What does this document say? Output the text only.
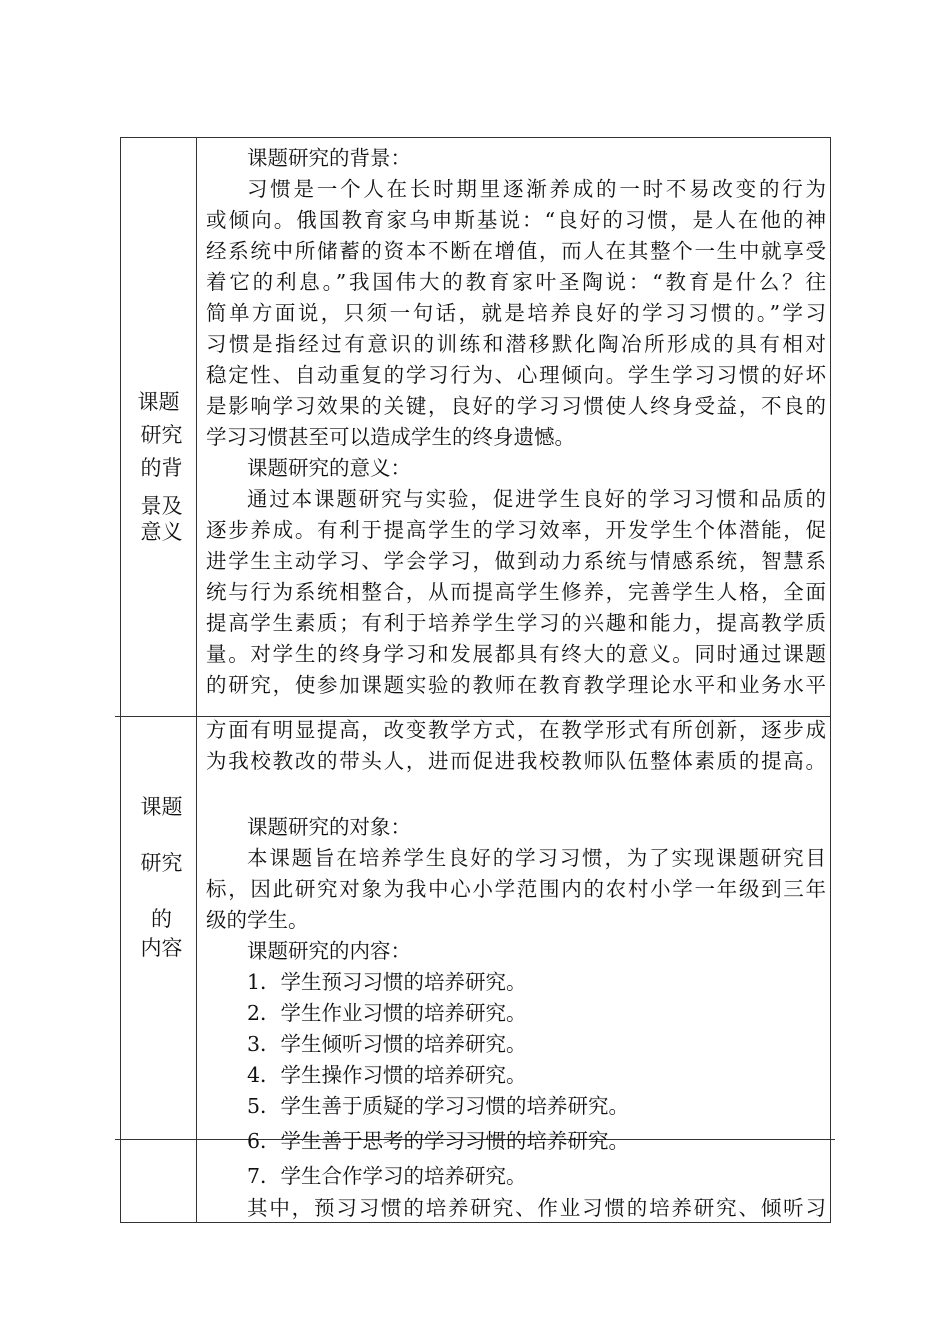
课题
研究
的背
景及
意义
课题研究的背景：
习惯是一个人在长时期里逐渐养成的一时不易改变的行为
或倾向。俄国教育家乌申斯基说：“良好的习惯，是人在他的神
经系统中所储蓄的资本不断在增值，而人在其整个一生中就享受
着它的利息。”我国伟大的教育家叶圣陶说：“教育是什么？往
简单方面说，只须一句话，就是培养良好的学习习惯的。”学习
习惯是指经过有意识的训练和潜移默化陶冶所形成的具有相对
稳定性、自动重复的学习行为、心理倾向。学生学习习惯的好坏
是影响学习效果的关键，良好的学习习惯使人终身受益，不良的
学习习惯甚至可以造成学生的终身遗憾。
课题研究的意义：
通过本课题研究与实验，促进学生良好的学习习惯和品质的
逐步养成。有利于提高学生的学习效率，开发学生个体潜能，促
进学生主动学习、学会学习，做到动力系统与情感系统，智慧系
统与行为系统相整合，从而提高学生修养，完善学生人格，全面
提高学生素质；有利于培养学生学习的兴趣和能力，提高教学质
量。对学生的终身学习和发展都具有终大的意义。同时通过课题
的研究，使参加课题实验的教师在教育教学理论水平和业务水平
课题
研究
的
内容
方面有明显提高，改变教学方式，在教学形式有所创新，逐步成
为我校教改的带头人，进而促进我校教师队伍整体素质的提高。
课题研究的对象：
本课题旨在培养学生良好的学习习惯，为了实现课题研究目
标，因此研究对象为我中心小学范围内的农村小学一年级到三年
级的学生。
课题研究的内容：
1．学生预习习惯的培养研究。
2．学生作业习惯的培养研究。
3．学生倾听习惯的培养研究。
4．学生操作习惯的培养研究。
5．学生善于质疑的学习习惯的培养研究。
6．学生善于思考的学习习惯的培养研究。
7．学生合作学习的培养研究。
其中，预习习惯的培养研究、作业习惯的培养研究、倾听习
